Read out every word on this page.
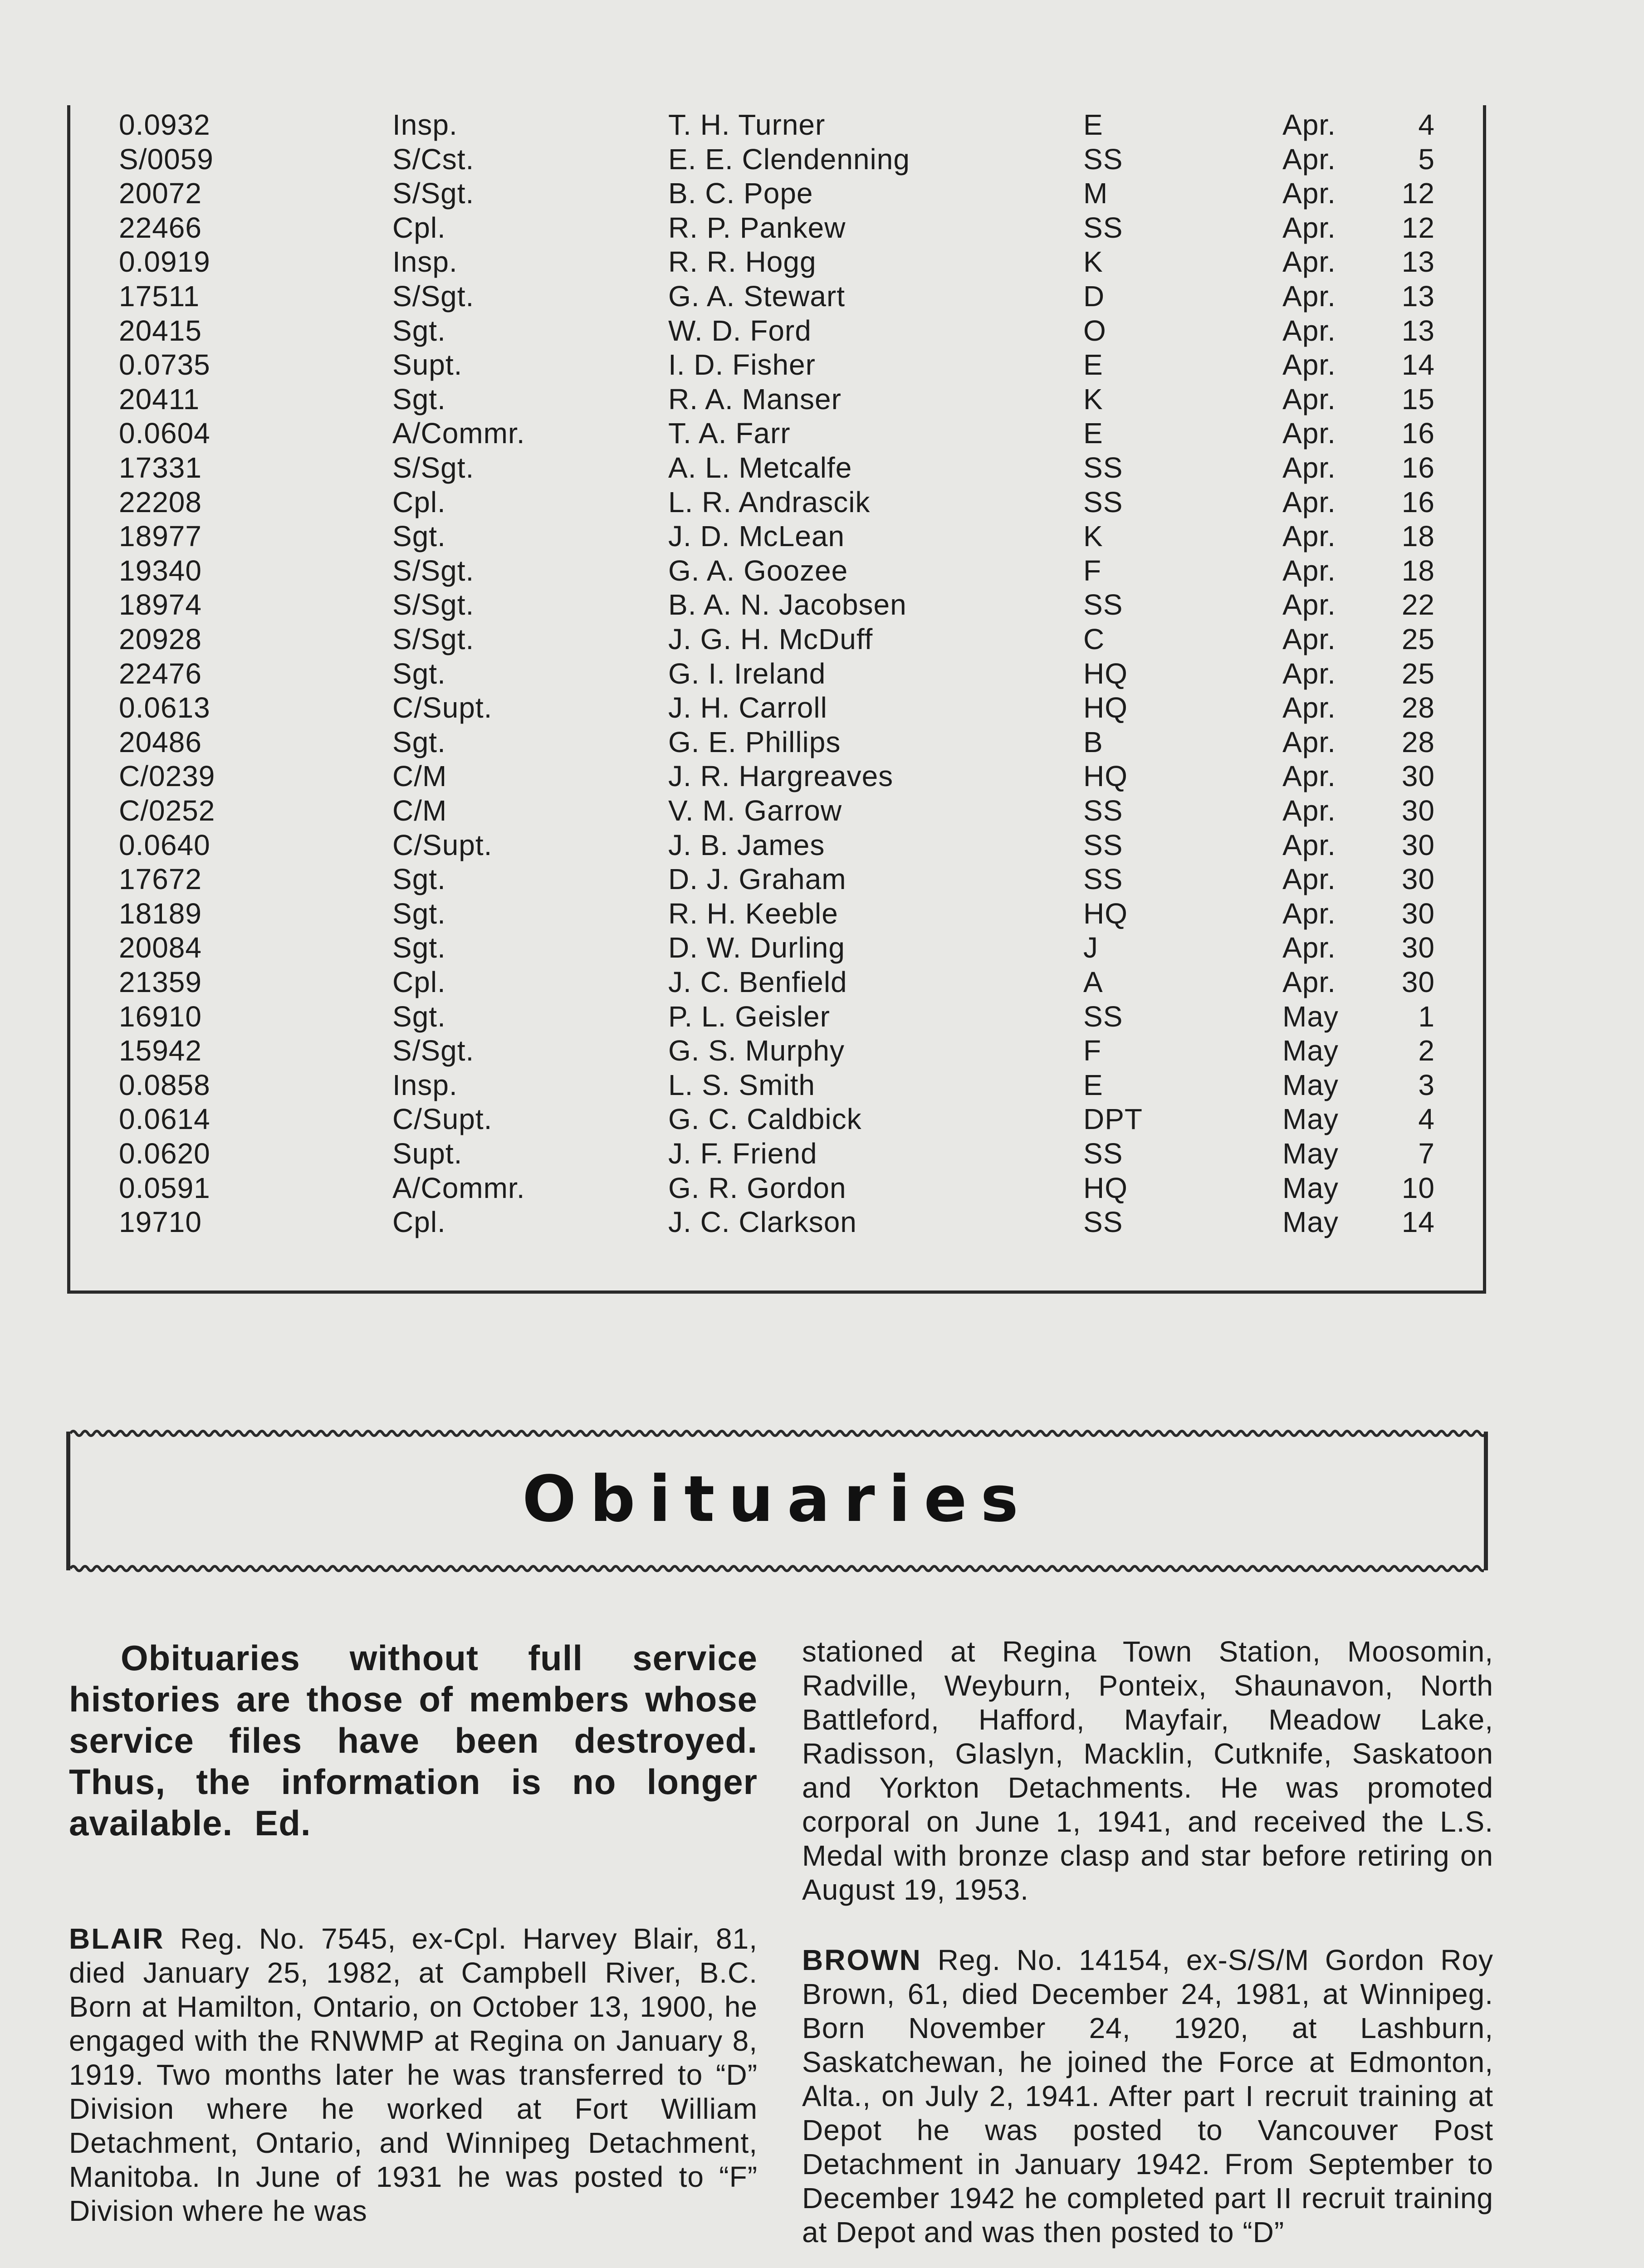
0.0932	Insp.	T. H. Turner	E	Apr.	4
S/0059	S/Cst.	E. E. Clendenning	SS	Apr.	5
20072	S/Sgt.	B. C. Pope	M	Apr. 12
22466	Cpl.	R. P. Pankew	SS	Apr. 12
0.0919	Insp.	R. R. Hogg	K	Apr. 13
17511	S/Sgt.	G. A. Stewart	D	Apr. 13
20415	Sgt.	W. D. Ford	O	Apr. 13
0.0735	Supt.	I. D. Fisher	E	Apr. 14
20411	Sgt.	R. A. Manser	K	Apr. 15
0.0604	A/Commr.	T. A. Farr	E	Apr. 16
17331	S/Sgt.	A. L. Metcalfe	SS	Apr. 16
22208	Cpl.	L. R. Andrascik	SS	Apr. 16
18977	Sgt.	J. D. McLean	K	Apr. 18
19340	S/Sgt.	G. A. Goozee	F	Apr. 18
18974	S/Sgt.	B. A. N. Jacobsen	SS	Apr. 22
20928	S/Sgt.	J. G. H. McDuff	C	Apr. 25
22476	Sgt.	G. I. Ireland	HQ	Apr. 25
0.0613	C/Supt.	J. H. Carroll	HQ	Apr. 28
20486	Sgt.	G. E. Phillips	B	Apr. 28
C/0239	C/M	J. R. Hargreaves	HQ	Apr. 30
C/0252	C/M	V. M. Garrow	SS	Apr. 30
0.0640	C/Supt.	J. B. James	SS	Apr. 30
17672	Sgt.	D. J. Graham	SS	Apr. 30
18189	Sgt.	R. H. Keeble	HQ	Apr. 30
20084	Sgt.	D. W. Durling	J	Apr. 30
21359	Cpl.	J. C. Benfield	A	Apr. 30
16910	Sgt.	P. L. Geisler	SS	May	1
15942	S/Sgt.	G. S. Murphy	F	May	2
0.0858	Insp.	L. S. Smith	E	May	3
0.0614	C/Supt.	G. C. Caldbick	DPT	May	4
0.0620	Supt.	J. F. Friend	SS	May	7
0.0591	A/Commr.	G. R. Gordon	HQ	May 10
19710	Cpl.	J. C. Clarkson	SS	May 14
Obituaries

Obituaries without full service histories are those of members whose service files have been destroyed. Thus, the information is no longer available. Ed.

BLAIR Reg. No. 7545, ex-Cpl. Harvey Blair, 81, died January 25, 1982, at Campbell River, B.C. Born at Hamilton, Ontario, on October 13, 1900, he engaged with the RNWMP at Regina on January 8, 1919. Two months later he was transferred to “D” Division where he worked at Fort William Detachment, Ontario, and Winnipeg Detachment, Manitoba. In June of 1931 he was posted to “F” Division where he was

stationed at Regina Town Station, Moosomin, Radville, Weyburn, Ponteix, Shaunavon, North Battleford, Hafford, Mayfair, Meadow Lake, Radisson, Glaslyn, Macklin, Cutknife, Saskatoon and Yorkton Detachments. He was promoted corporal on June 1, 1941, and received the L.S. Medal with bronze clasp and star before retiring on August 19, 1953.

BROWN Reg. No. 14154, ex-S/S/M Gordon Roy Brown, 61, died December 24, 1981, at Winnipeg. Born November 24, 1920, at Lashburn, Saskatchewan, he joined the Force at Edmonton, Alta., on July 2, 1941. After part I recruit training at Depot he was posted to Vancouver Post Detachment in January 1942. From September to December 1942 he completed part II recruit training at Depot and was then posted to “D”
